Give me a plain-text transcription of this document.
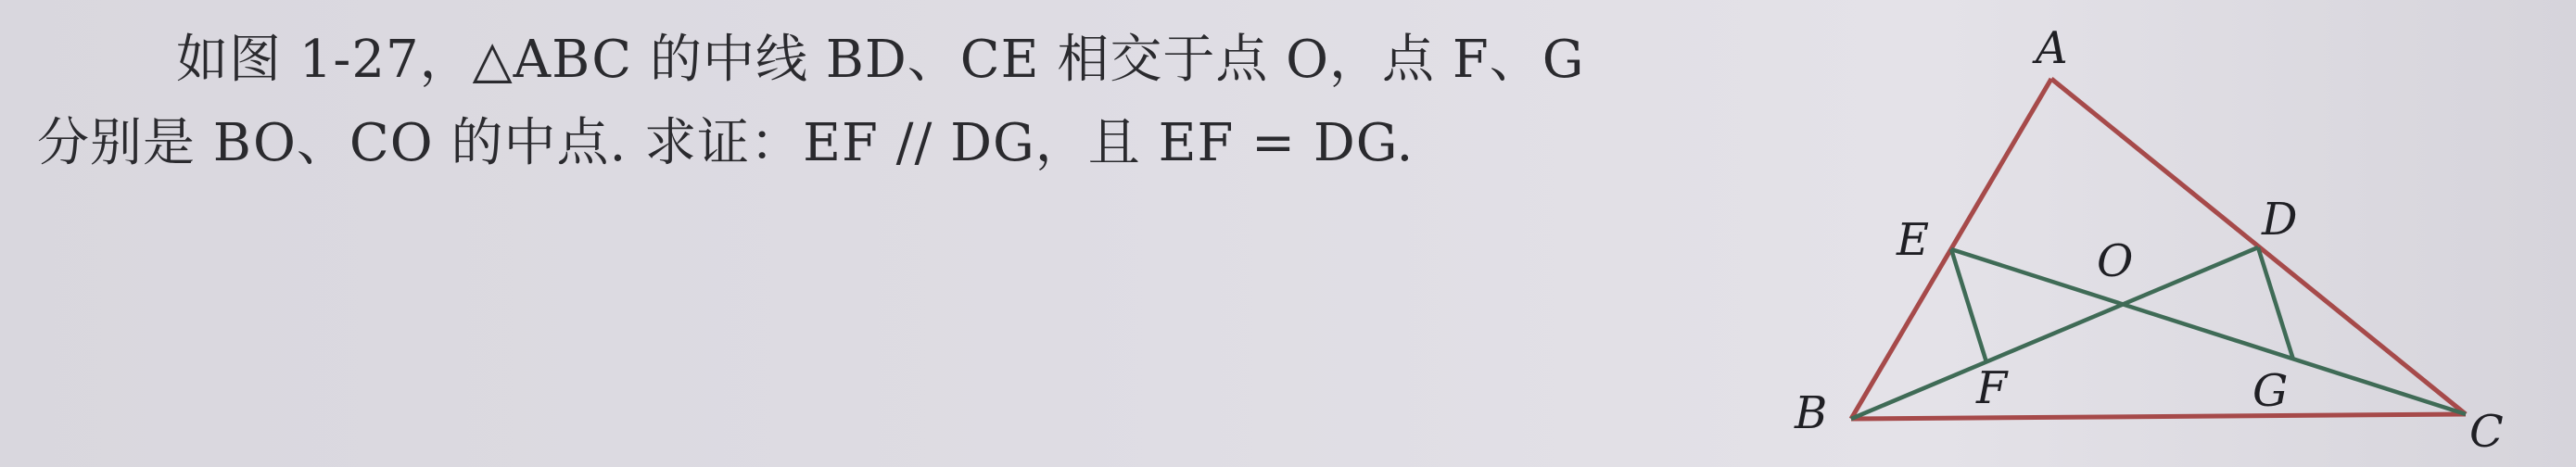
如图 1-27，△ABC 的中线 BD、CE 相交于点 O，点 F、G
分别是 BO、CO 的中点. 求证：EF // DG，且 EF = DG.
A
B	C
D
E
F	G
O
